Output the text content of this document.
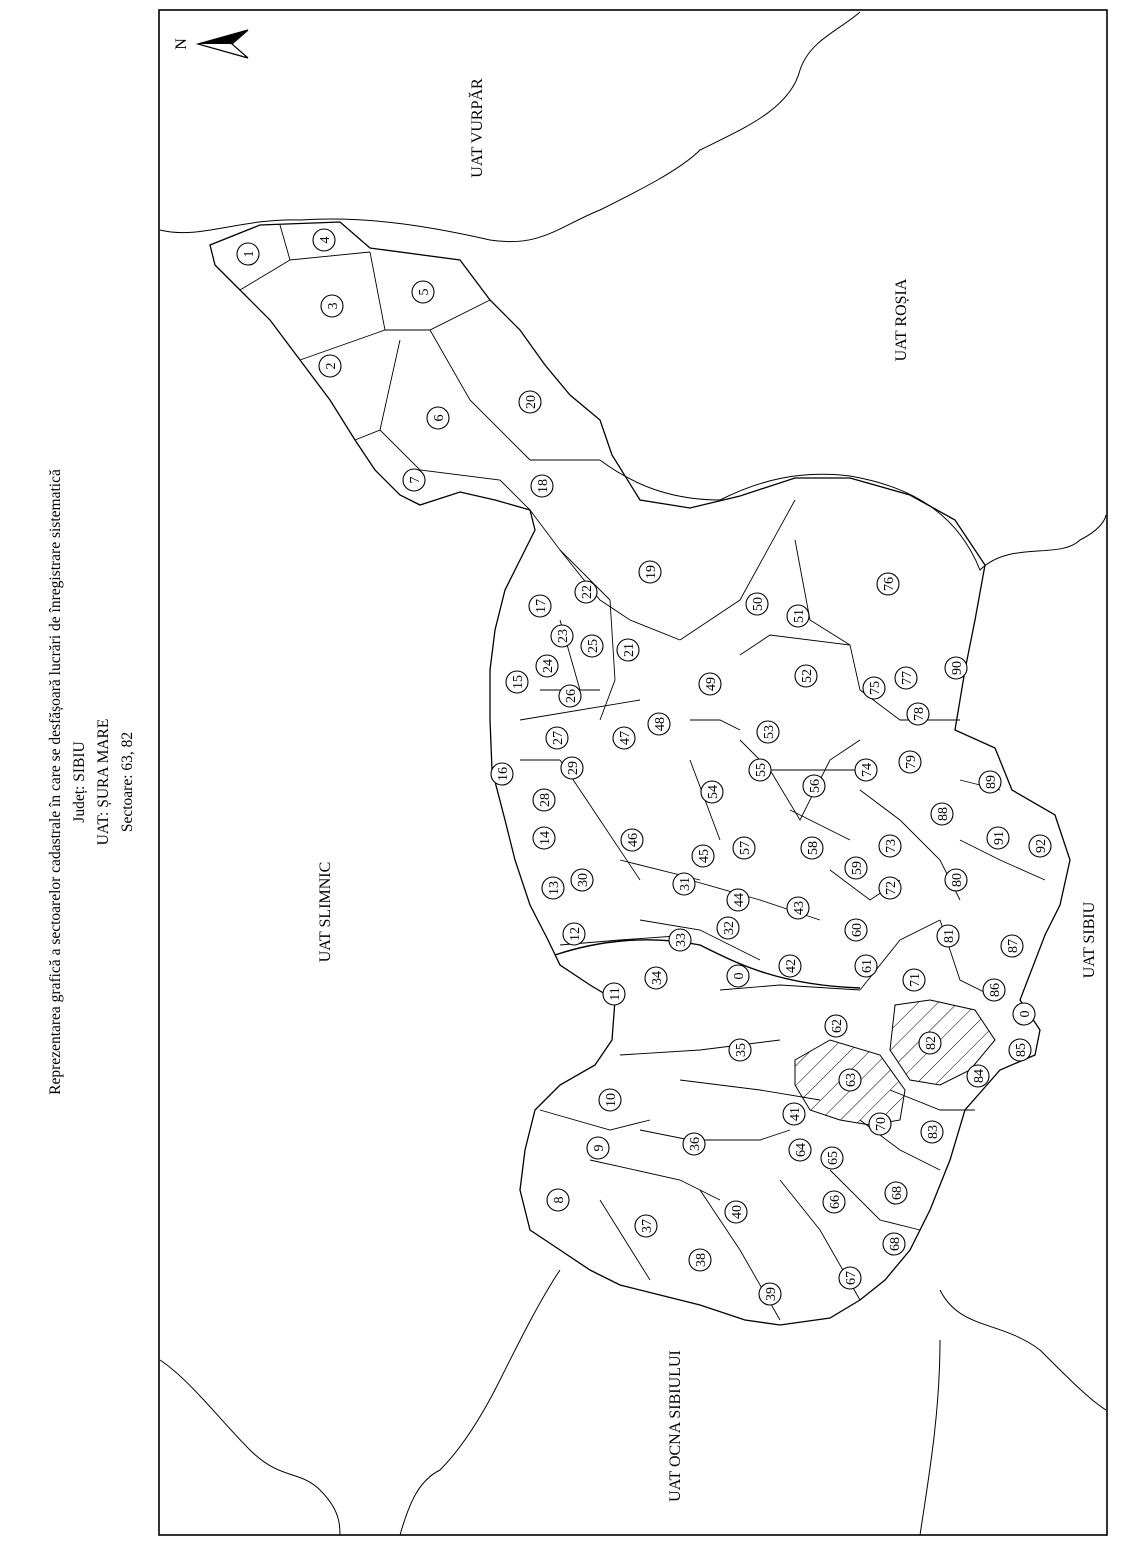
Reprezentarea grafică a sectoarelor cadastrale în care se desfășoară lucrări de înregistrare sistematică Județ: SIBIU UAT: ȘURA MARE Sectoare: 63, 82
N
UAT VURPĂR
UAT ROȘIA
UAT SLIMNIC	UAT SIBIU
UAT OCNA SIBIULUI
1
2
3
4
5
6
7
8
9
10
11
12
13
14
15
16
17
18
19
20
21
22
23
24
25
26
27
28
29
30	31
32
33
34
35
36
37
38
39
40
41
42
43
44
45
46
47
48
49
50
51
52
53
54
55
56
57	58
59
60
61
62
63
64
65
66
67
68
68
70
71
72
73
74
75
76
77
78
79
80
81
82
83
84
85
86
87
88
89
90
91
92
0
0
